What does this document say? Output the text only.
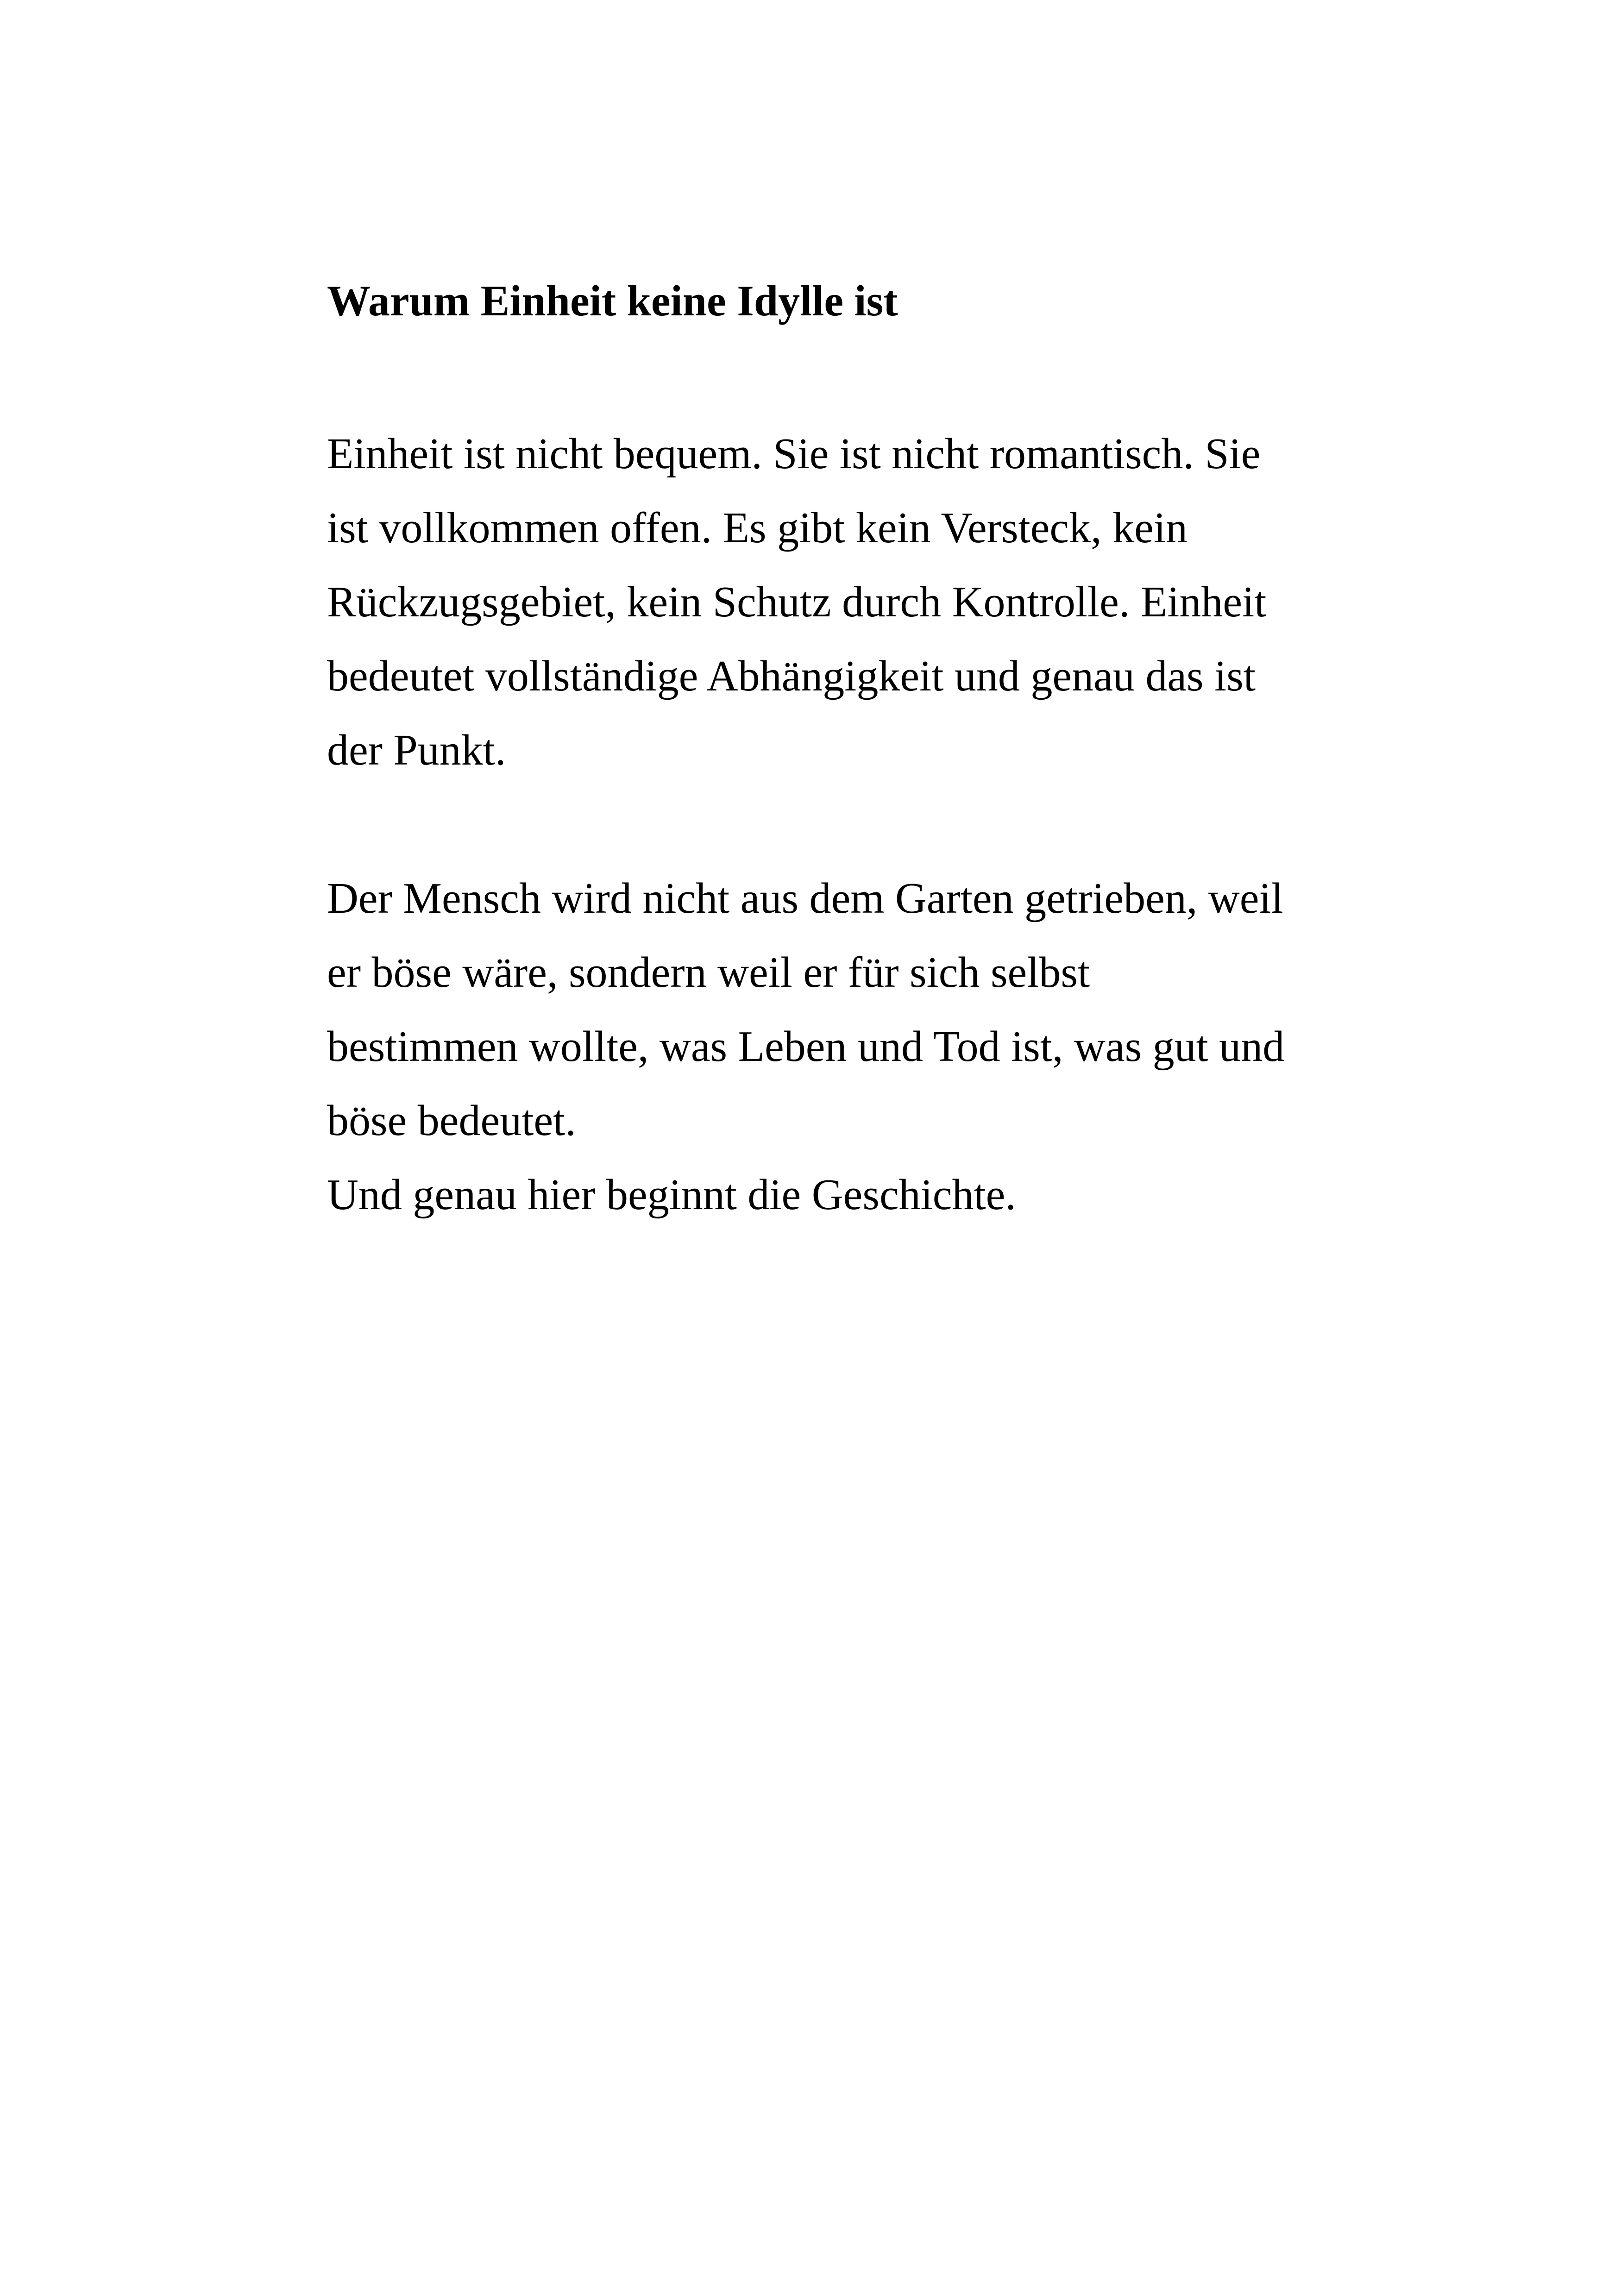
Warum Einheit keine Idylle ist

Einheit ist nicht bequem. Sie ist nicht romantisch. Sie
ist vollkommen offen. Es gibt kein Versteck, kein
Rückzugsgebiet, kein Schutz durch Kontrolle. Einheit
bedeutet vollständige Abhängigkeit und genau das ist
der Punkt.

Der Mensch wird nicht aus dem Garten getrieben, weil
er böse wäre, sondern weil er für sich selbst
bestimmen wollte, was Leben und Tod ist, was gut und
böse bedeutet.
Und genau hier beginnt die Geschichte.
